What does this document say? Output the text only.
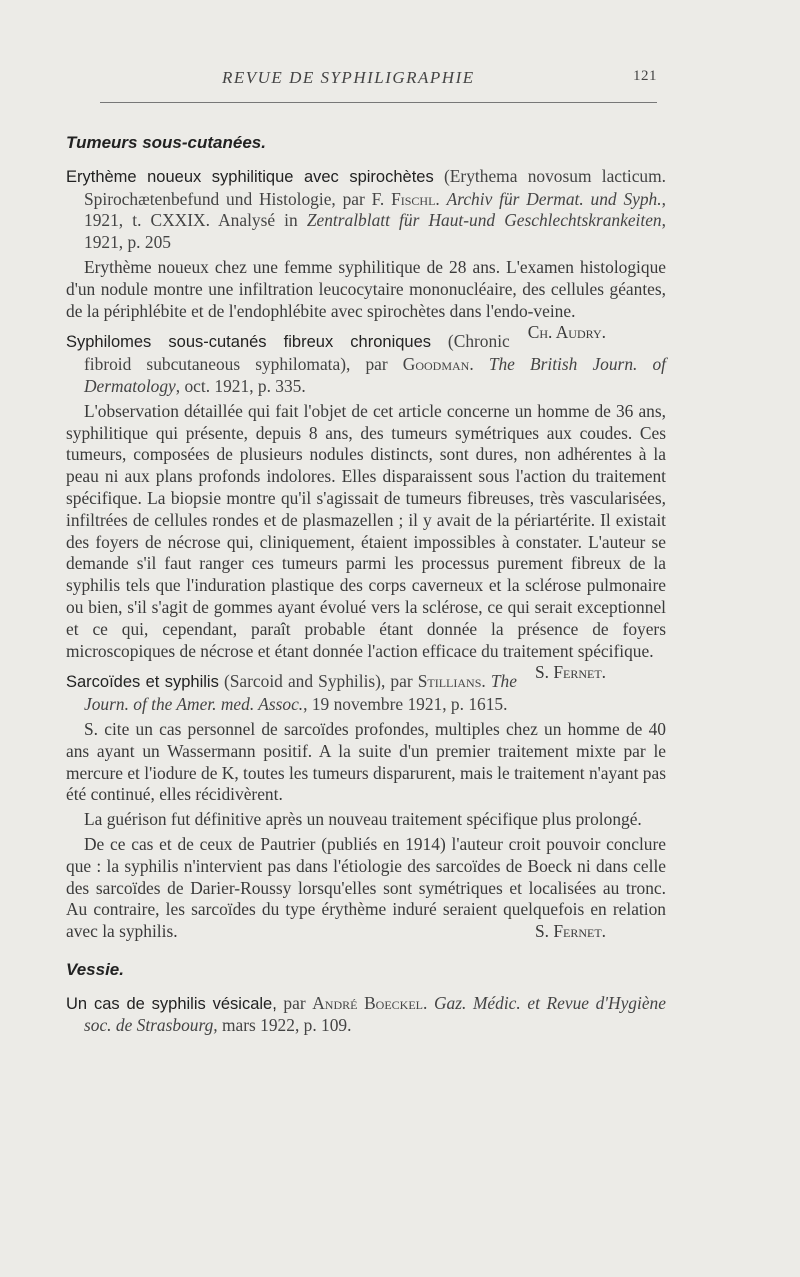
REVUE DE SYPHILIGRAPHIE	121
Tumeurs sous-cutanées.

Erythème noueux syphilitique avec spirochètes (Erythema novosum lacticum. Spirochætenbefund und Histologie, par F. Fischl. Archiv für Dermat. und Syph., 1921, t. CXXIX. Analysé in Zentralblatt für Haut-und Geschlechtskrankeiten, 1921, p. 205

Erythème noueux chez une femme syphilitique de 28 ans. L'examen histologique d'un nodule montre une infiltration leucocytaire mononucléaire, des cellules géantes, de la périphlébite et de l'endophlébite avec spirochètes dans l'endo-veine.
Ch. Audry.

Syphilomes sous-cutanés fibreux chroniques (Chronic fibroid subcutaneous syphilomata), par Goodman. The British Journ. of Dermatology, oct. 1921, p. 335.

L'observation détaillée qui fait l'objet de cet article concerne un homme de 36 ans, syphilitique qui présente, depuis 8 ans, des tumeurs symétriques aux coudes. Ces tumeurs, composées de plusieurs nodules distincts, sont dures, non adhérentes à la peau ni aux plans profonds indolores. Elles disparaissent sous l'action du traitement spécifique. La biopsie montre qu'il s'agissait de tumeurs fibreuses, très vascularisées, infiltrées de cellules rondes et de plasmazellen ; il y avait de la périartérite. Il existait des foyers de nécrose qui, cliniquement, étaient impossibles à constater. L'auteur se demande s'il faut ranger ces tumeurs parmi les processus purement fibreux de la syphilis tels que l'induration plastique des corps caverneux et la sclérose pulmonaire ou bien, s'il s'agit de gommes ayant évolué vers la sclérose, ce qui serait exceptionnel et ce qui, cependant, paraît probable étant donnée la présence de foyers microscopiques de nécrose et étant donnée l'action efficace du traitement spécifique.
S. Fernet.

Sarcoïdes et syphilis (Sarcoid and Syphilis), par Stillians. The Journ. of the Amer. med. Assoc., 19 novembre 1921, p. 1615.

S. cite un cas personnel de sarcoïdes profondes, multiples chez un homme de 40 ans ayant un Wassermann positif. A la suite d'un premier traitement mixte par le mercure et l'iodure de K, toutes les tumeurs disparurent, mais le traitement n'ayant pas été continué, elles récidivèrent.

La guérison fut définitive après un nouveau traitement spécifique plus prolongé.

De ce cas et de ceux de Pautrier (publiés en 1914) l'auteur croit pouvoir conclure que : la syphilis n'intervient pas dans l'étiologie des sarcoïdes de Boeck ni dans celle des sarcoïdes de Darier-Roussy lorsqu'elles sont symétriques et localisées au tronc. Au contraire, les sarcoïdes du type érythème induré seraient quelquefois en relation avec la syphilis.	S. Fernet.

Vessie.

Un cas de syphilis vésicale, par André Boeckel. Gaz. Médic. et Revue d'Hygiène soc. de Strasbourg, mars 1922, p. 109.
